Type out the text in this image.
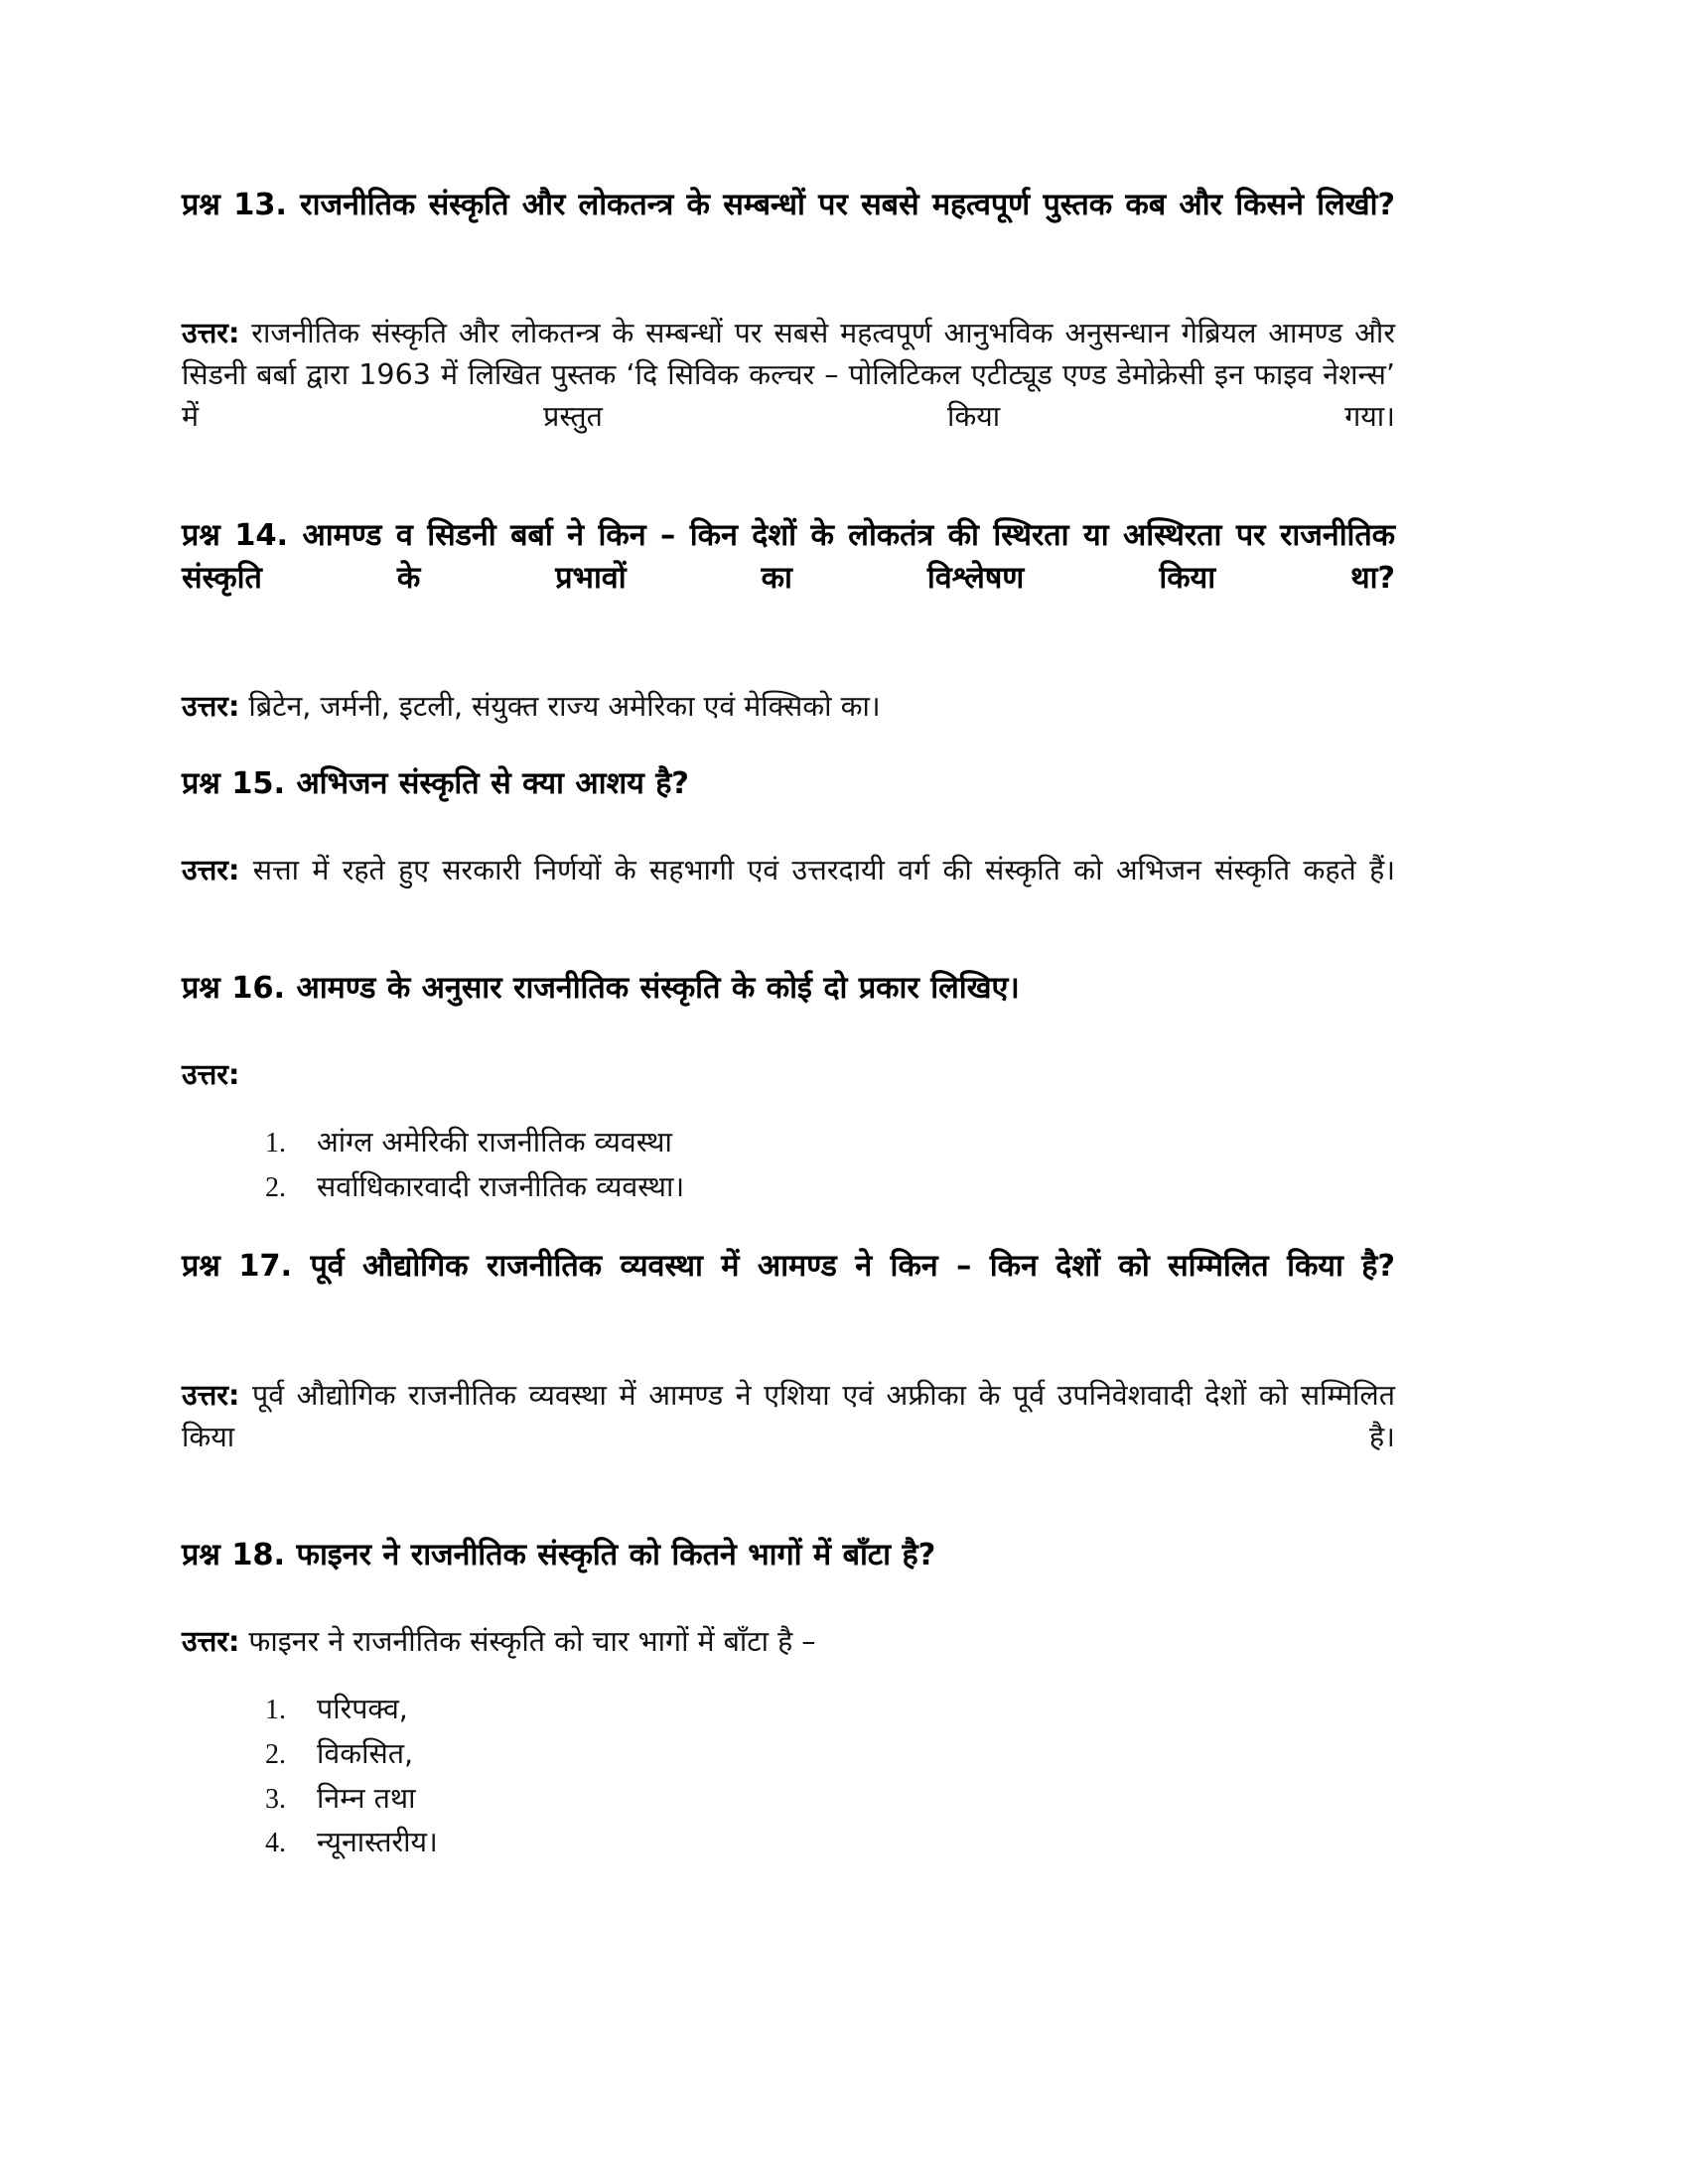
प्रश्न 13. राजनीतिक संस्कृति और लोकतन्त्र के सम्बन्धों पर सबसे महत्वपूर्ण पुस्तक कब और किसने लिखी?

उत्तर: राजनीतिक संस्कृति और लोकतन्त्र के सम्बन्धों पर सबसे महत्वपूर्ण आनुभविक अनुसन्धान गेब्रियल आमण्ड और सिडनी बर्बा द्वारा 1963 में लिखित पुस्तक ‘दि सिविक कल्चर – पोलिटिकल एटीट्यूड एण्ड डेमोक्रेसी इन फाइव नेशन्स’ में प्रस्तुत किया गया।

प्रश्न 14. आमण्ड व सिडनी बर्बा ने किन – किन देशों के लोकतंत्र की स्थिरता या अस्थिरता पर राजनीतिक संस्कृति के प्रभावों का विश्लेषण किया था?

उत्तर: ब्रिटेन, जर्मनी, इटली, संयुक्त राज्य अमेरिका एवं मेक्सिको का।

प्रश्न 15. अभिजन संस्कृति से क्या आशय है?

उत्तर: सत्ता में रहते हुए सरकारी निर्णयों के सहभागी एवं उत्तरदायी वर्ग की संस्कृति को अभिजन संस्कृति कहते हैं।

प्रश्न 16. आमण्ड के अनुसार राजनीतिक संस्कृति के कोई दो प्रकार लिखिए।

उत्तर:

1. आंग्ल अमेरिकी राजनीतिक व्यवस्था
2. सर्वाधिकारवादी राजनीतिक व्यवस्था।

प्रश्न 17. पूर्व औद्योगिक राजनीतिक व्यवस्था में आमण्ड ने किन – किन देशों को सम्मिलित किया है?

उत्तर: पूर्व औद्योगिक राजनीतिक व्यवस्था में आमण्ड ने एशिया एवं अफ्रीका के पूर्व उपनिवेशवादी देशों को सम्मिलित किया है।

प्रश्न 18. फाइनर ने राजनीतिक संस्कृति को कितने भागों में बाँटा है?

उत्तर: फाइनर ने राजनीतिक संस्कृति को चार भागों में बाँटा है –

1. परिपक्व,
2. विकसित,
3. निम्न तथा
4. न्यूनास्तरीय।
